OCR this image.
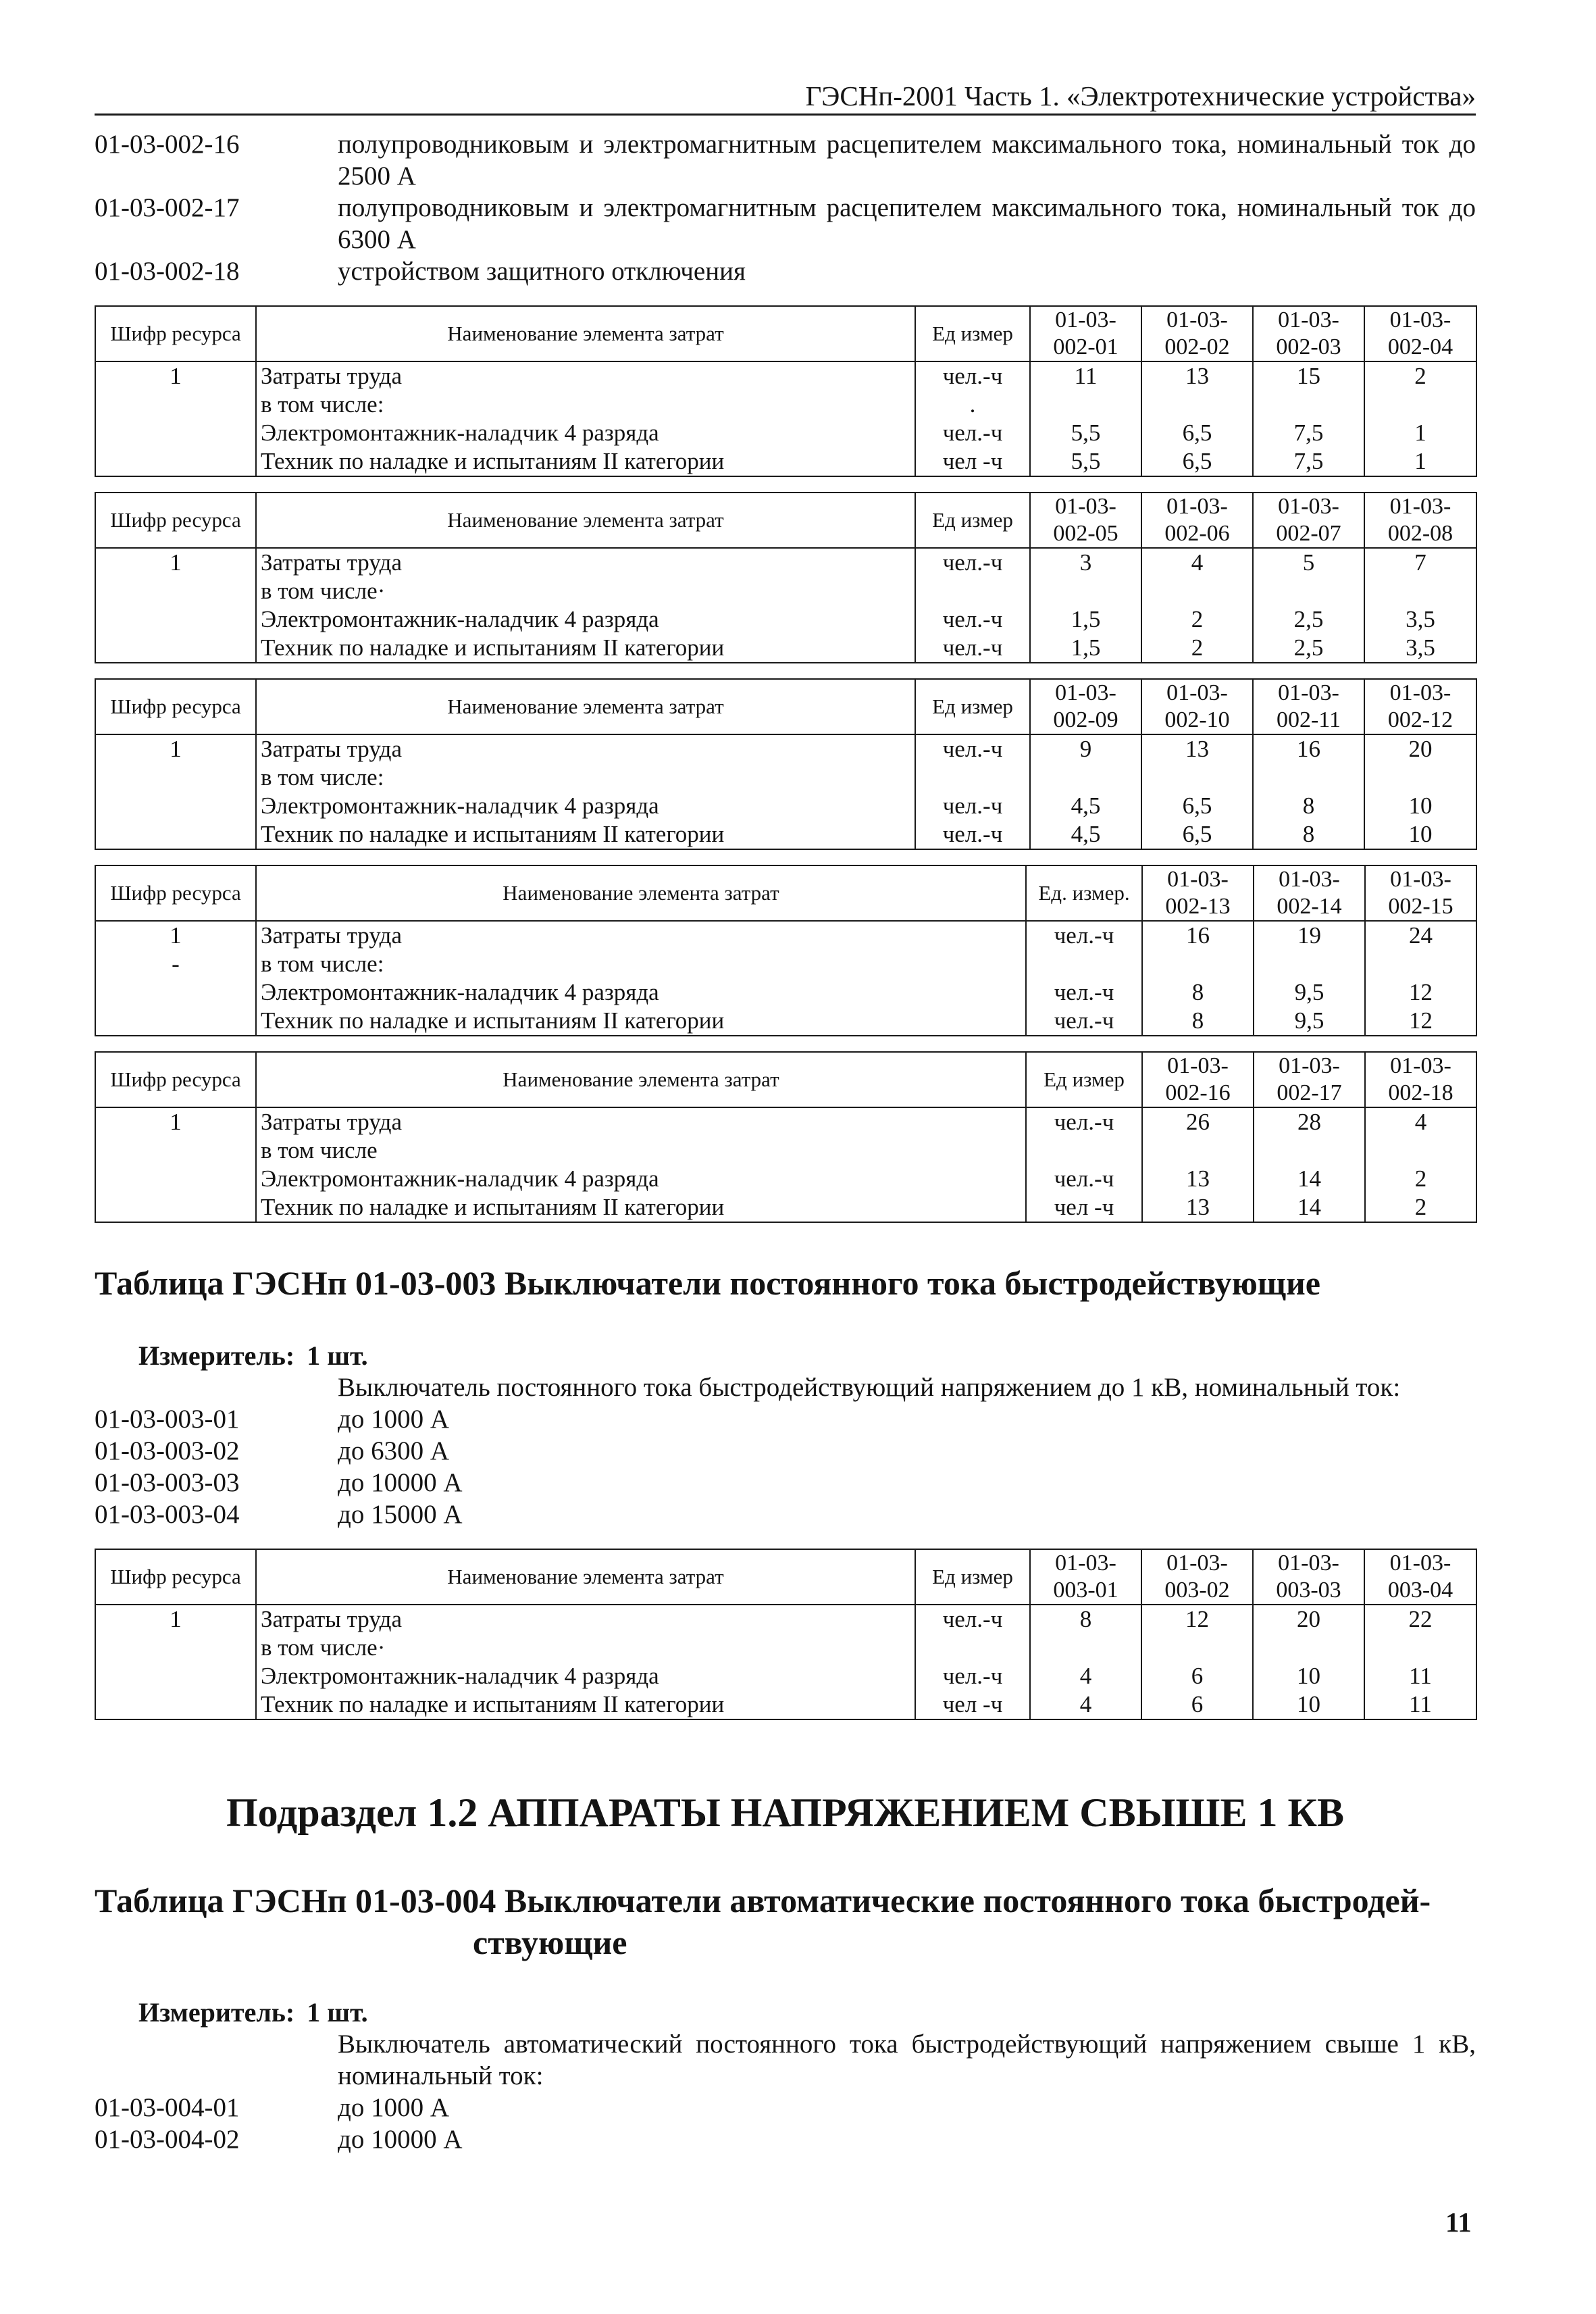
ГЭСНп-2001 Часть 1. «Электротехнические устройства»
01-03-002-16	полупроводниковым и электромагнитным расцепителем максимального тока, номинальный ток до 2500 А
01-03-002-17	полупроводниковым и электромагнитным расцепителем максимального тока, номинальный ток до 6300 А
01-03-002-18	устройством защитного отключения
Шифр ресурса	Наименование элемента затрат	Ед измер	01-03-002-01	01-03-002-02	01-03-002-03	01-03-002-04
1	Затраты труда	чел.-ч	11	13	15	2
	в том числе:	.				
	Электромонтажник-наладчик 4 разряда	чел.-ч	5,5	6,5	7,5	1
	Техник по наладке и испытаниям II категории	чел -ч	5,5	6,5	7,5	1
Шифр ресурса	Наименование элемента затрат	Ед измер	01-03-002-05	01-03-002-06	01-03-002-07	01-03-002-08
1	Затраты труда	чел.-ч	3	4	5	7
	в том числе·					
	Электромонтажник-наладчик 4 разряда	чел.-ч	1,5	2	2,5	3,5
	Техник по наладке и испытаниям II категории	чел.-ч	1,5	2	2,5	3,5
Шифр ресурса	Наименование элемента затрат	Ед измер	01-03-002-09	01-03-002-10	01-03-002-11	01-03-002-12
1	Затраты труда	чел.-ч	9	13	16	20
	в том числе:					
	Электромонтажник-наладчик 4 разряда	чел.-ч	4,5	6,5	8	10
	Техник по наладке и испытаниям II категории	чел.-ч	4,5	6,5	8	10
Шифр ресурса	Наименование элемента затрат	Ед. измер.	01-03-002-13	01-03-002-14	01-03-002-15
1	Затраты труда	чел.-ч	16	19	24
-	в том числе:				
	Электромонтажник-наладчик 4 разряда	чел.-ч	8	9,5	12
	Техник по наладке и испытаниям II категории	чел.-ч	8	9,5	12
Шифр ресурса	Наименование элемента затрат	Ед измер	01-03-002-16	01-03-002-17	01-03-002-18
1	Затраты труда	чел.-ч	26	28	4
	в том числе				
	Электромонтажник-наладчик 4 разряда	чел.-ч	13	14	2
	Техник по наладке и испытаниям II категории	чел -ч	13	14	2
Таблица ГЭСНп 01-03-003 Выключатели постоянного тока быстродействующие
Измеритель: 1 шт.
Выключатель постоянного тока быстродействующий напряжением до 1 кВ, номинальный ток:
01-03-003-01	до 1000 А
01-03-003-02	до 6300 А
01-03-003-03	до 10000 А
01-03-003-04	до 15000 А
Шифр ресурса	Наименование элемента затрат	Ед измер	01-03-003-01	01-03-003-02	01-03-003-03	01-03-003-04
1	Затраты труда	чел.-ч	8	12	20	22
	в том числе·					
	Электромонтажник-наладчик 4 разряда	чел.-ч	4	6	10	11
	Техник по наладке и испытаниям II категории	чел -ч	4	6	10	11
Подраздел 1.2 АППАРАТЫ НАПРЯЖЕНИЕМ СВЫШЕ 1 КВ
Таблица ГЭСНп 01-03-004 Выключатели автоматические постоянного тока быстродей-

ствующие
Измеритель: 1 шт.
Выключатель автоматический постоянного тока быстродействующий напряжением свыше 1 кВ, номинальный ток:
01-03-004-01	до 1000 А
01-03-004-02	до 10000 А
11
